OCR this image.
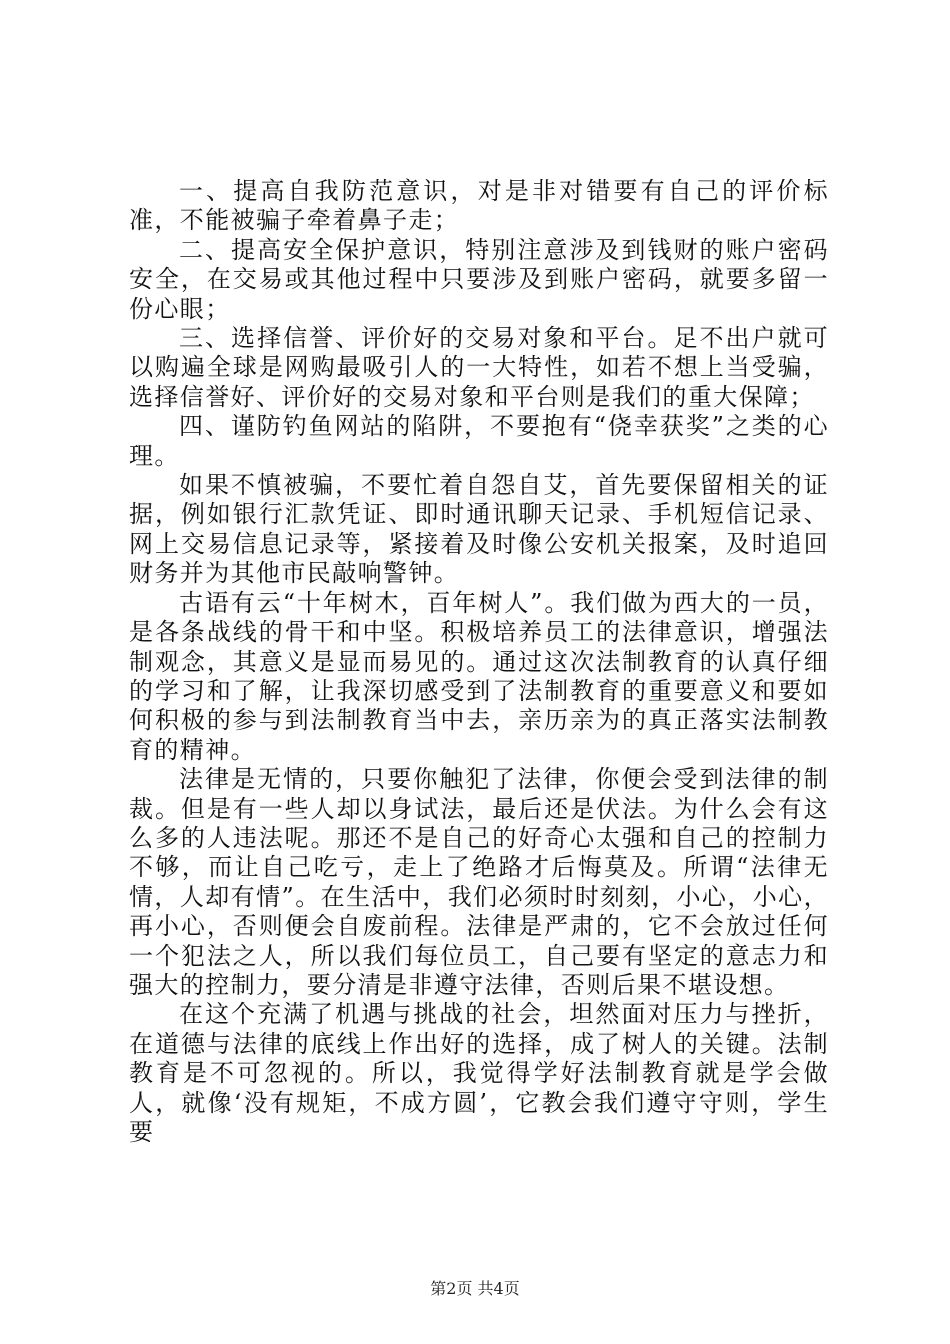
一、提高自我防范意识，对是非对错要有自己的评价标准，不能被骗子牵着鼻子走；

二、提高安全保护意识，特别注意涉及到钱财的账户密码安全，在交易或其他过程中只要涉及到账户密码，就要多留一份心眼；

三、选择信誉、评价好的交易对象和平台。足不出户就可以购遍全球是网购最吸引人的一大特性，如若不想上当受骗，选择信誉好、评价好的交易对象和平台则是我们的重大保障；

四、谨防钓鱼网站的陷阱，不要抱有“侥幸获奖”之类的心理。

如果不慎被骗，不要忙着自怨自艾，首先要保留相关的证据，例如银行汇款凭证、即时通讯聊天记录、手机短信记录、网上交易信息记录等，紧接着及时像公安机关报案，及时追回财务并为其他市民敲响警钟。

古语有云“十年树木，百年树人”。我们做为西大的一员，是各条战线的骨干和中坚。积极培养员工的法律意识，增强法制观念，其意义是显而易见的。通过这次法制教育的认真仔细的学习和了解，让我深切感受到了法制教育的重要意义和要如何积极的参与到法制教育当中去，亲历亲为的真正落实法制教育的精神。

法律是无情的，只要你触犯了法律，你便会受到法律的制裁。但是有一些人却以身试法，最后还是伏法。为什么会有这么多的人违法呢。那还不是自己的好奇心太强和自己的控制力不够，而让自己吃亏，走上了绝路才后悔莫及。所谓“法律无情，人却有情”。在生活中，我们必须时时刻刻，小心，小心，再小心，否则便会自废前程。法律是严肃的，它不会放过任何一个犯法之人，所以我们每位员工，自己要有坚定的意志力和强大的控制力，要分清是非遵守法律，否则后果不堪设想。

在这个充满了机遇与挑战的社会，坦然面对压力与挫折，在道德与法律的底线上作出好的选择，成了树人的关键。法制教育是不可忽视的。所以，我觉得学好法制教育就是学会做人，就像‘没有规矩，不成方圆’，它教会我们遵守守则，学生要

第2页 共4页
